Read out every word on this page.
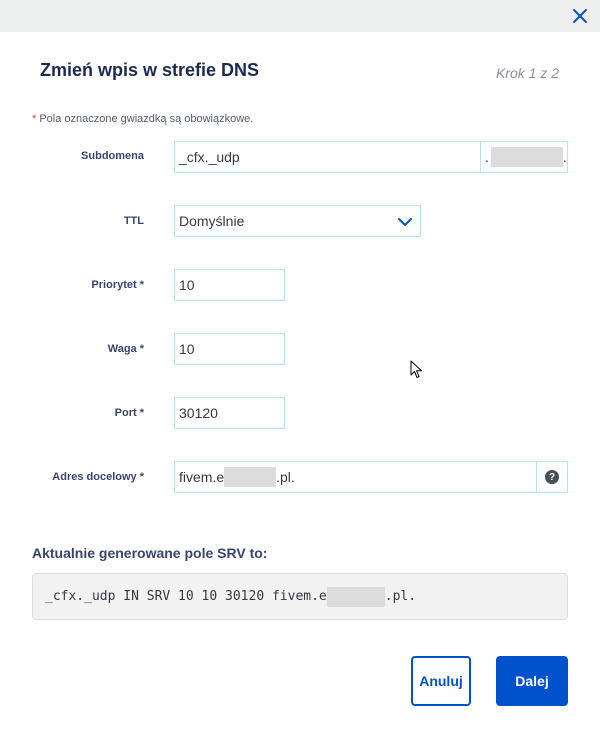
Zmień wpis w strefie DNS	Krok 1 z 2
* Pola oznaczone gwiazdką są obowiązkowe.
Subdomena	_cfx._udp	.	.
TTL	Domyślnie
Priorytet *	10
Waga *	10
Port *	30120
Adres docelowy *	fivem.e	.pl.	?
Aktualnie generowane pole SRV to:
_cfx._udp IN SRV 10 10 30120 fivem.e	.pl.
Anuluj	Dalej
